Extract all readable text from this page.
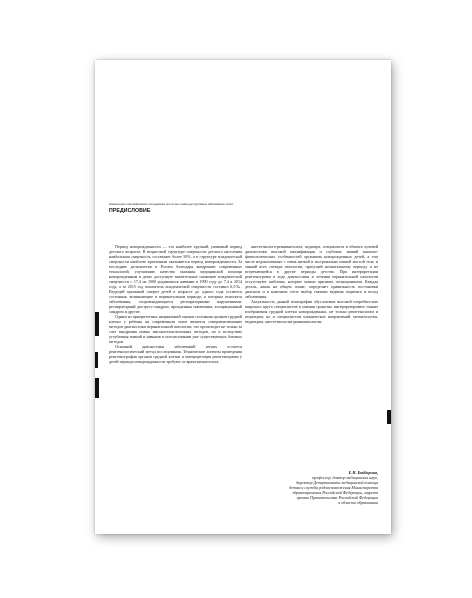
Компьютерно-томографическое исследование при острых гнойно-деструктивных заболеваниях легких
ПРЕДИСЛОВИЕ

Период новорожденности — это наиболее хрупкий, уязвимый период детского возраста. В возрастной структуре смертности детского населения наибольшая смертность составляет более 50%, а в структуре младенческой смертности наиболее критичным оказывается период новорожденности. За последние десятилетия в России благодаря внедрению современных технологий, улучшению качества оказания медицинской помощи новорожденным в детях доступную значительное снижение младенческой смертности с 17,4 на 1000 родившихся живыми в 1990 году до 7,4 в 2014 году, а за 2015 год показатель младенческой смертности составил 6,5‰. Ведущей причиной смерти детей в возрасте до одного года остаются состояния, возникающие в перинатальном периоде, к которым относятся заболевания, сопровождающиеся респираторными нарушениями: респираторный дистресс-синдром, врожденная пневмония, аспирационный синдром и другие.

Одним из приоритетных направлений оценки состояния органов грудной клетки у ребенка на современном этапе является совершенствование методов диагностики перинатальной патологии, что происходит не только за счет внедрения новых высокотехнологичных методов, но и вследствие углубления знаний и навыков в использовании уже существующих базовых методов.

Основной диагностики заболеваний легких остается рентгенологический метод исследования. Технические аспекты проведения рентгенографии органов грудной клетки и интерпретация рентгенограмм у детей периода новорожденности требуют от врача-неонатолога,

анестезиолога-реаниматолога, педиатра, специалиста и объекта лучевой диагностики высокой квалификации и глубоких знаний анатомо-физиологических особенностей организма новорожденных детей, а том числе недоношенных с очень низкой и экстремально низкой массой тела, и знаний всех спектра патологии, присущей неонатальному периоду и не встречающейся в другие периоды детства. При интерпретации рентгенограмм в ходе диагностики и лечения перинатальной патологии отсутствуют шаблоны, которые можно признать полноценными. Каждая деталь, какая на общем плане, определяет правильность постановки диагноза и в конечном счете выбор тактики ведения пациента и исход заболевания.

Актуальность данной монографии обусловлена высокой потребностью широкого круга специалистов в умении грамотно интерпретировать тонкие изображения грудной клетки новорожденных, не только рентгенологам и педиатрам, но и специалистам клинических направлений: неонатологам, педиатрам, анестезиологам-реаниматологам.

Е.Н. Байбарина,
профессор, доктор медицинских наук,
директор Департамента медицинской помощи
детям и службы родовспоможения Министерства
здравоохранения Российской Федерации, лауреат
премии Правительства Российской Федерации
в области образования
